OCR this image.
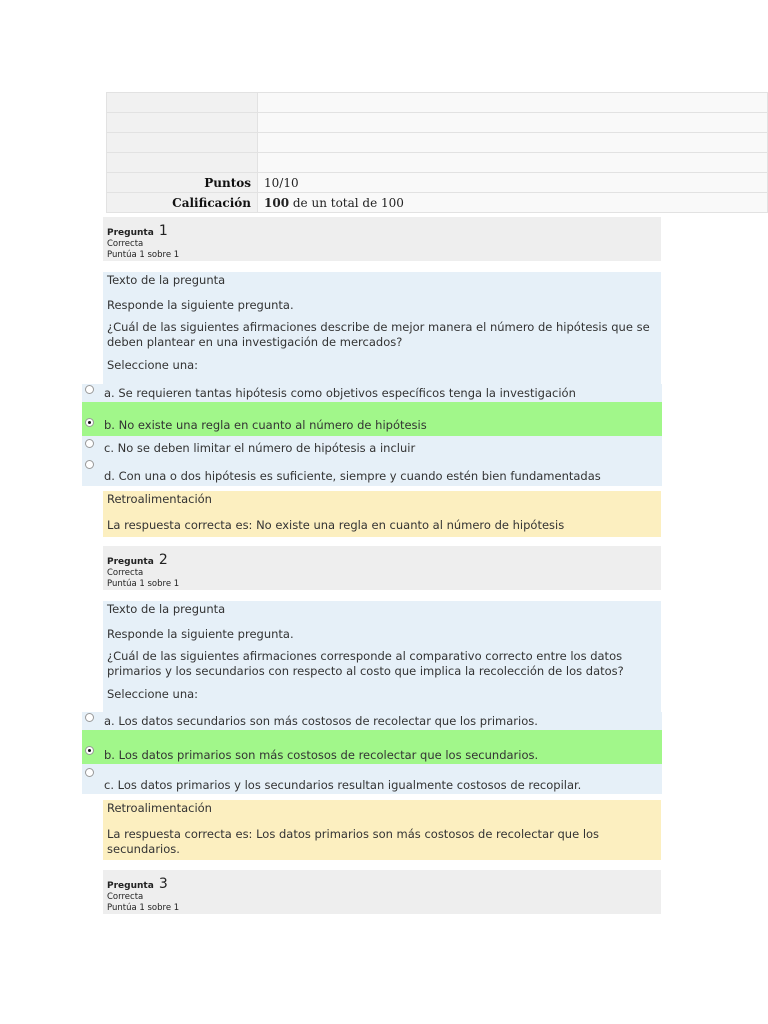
Puntos	10/10
Calificación	100 de un total de 100
Pregunta 1
Correcta
Puntúa 1 sobre 1

Texto de la pregunta

Responde la siguiente pregunta.

¿Cuál de las siguientes afirmaciones describe de mejor manera el número de hipótesis que se deben plantear en una investigación de mercados?

Seleccione una:

a. Se requieren tantas hipótesis como objetivos específicos tenga la investigación
b. No existe una regla en cuanto al número de hipótesis
c. No se deben limitar el número de hipótesis a incluir
d. Con una o dos hipótesis es suficiente, siempre y cuando estén bien fundamentadas

Retroalimentación

La respuesta correcta es: No existe una regla en cuanto al número de hipótesis

Pregunta 2
Correcta
Puntúa 1 sobre 1

Texto de la pregunta

Responde la siguiente pregunta.

¿Cuál de las siguientes afirmaciones corresponde al comparativo correcto entre los datos primarios y los secundarios con respecto al costo que implica la recolección de los datos?

Seleccione una:

a. Los datos secundarios son más costosos de recolectar que los primarios.
b. Los datos primarios son más costosos de recolectar que los secundarios.
c. Los datos primarios y los secundarios resultan igualmente costosos de recopilar.

Retroalimentación

La respuesta correcta es: Los datos primarios son más costosos de recolectar que los secundarios.

Pregunta 3
Correcta
Puntúa 1 sobre 1
